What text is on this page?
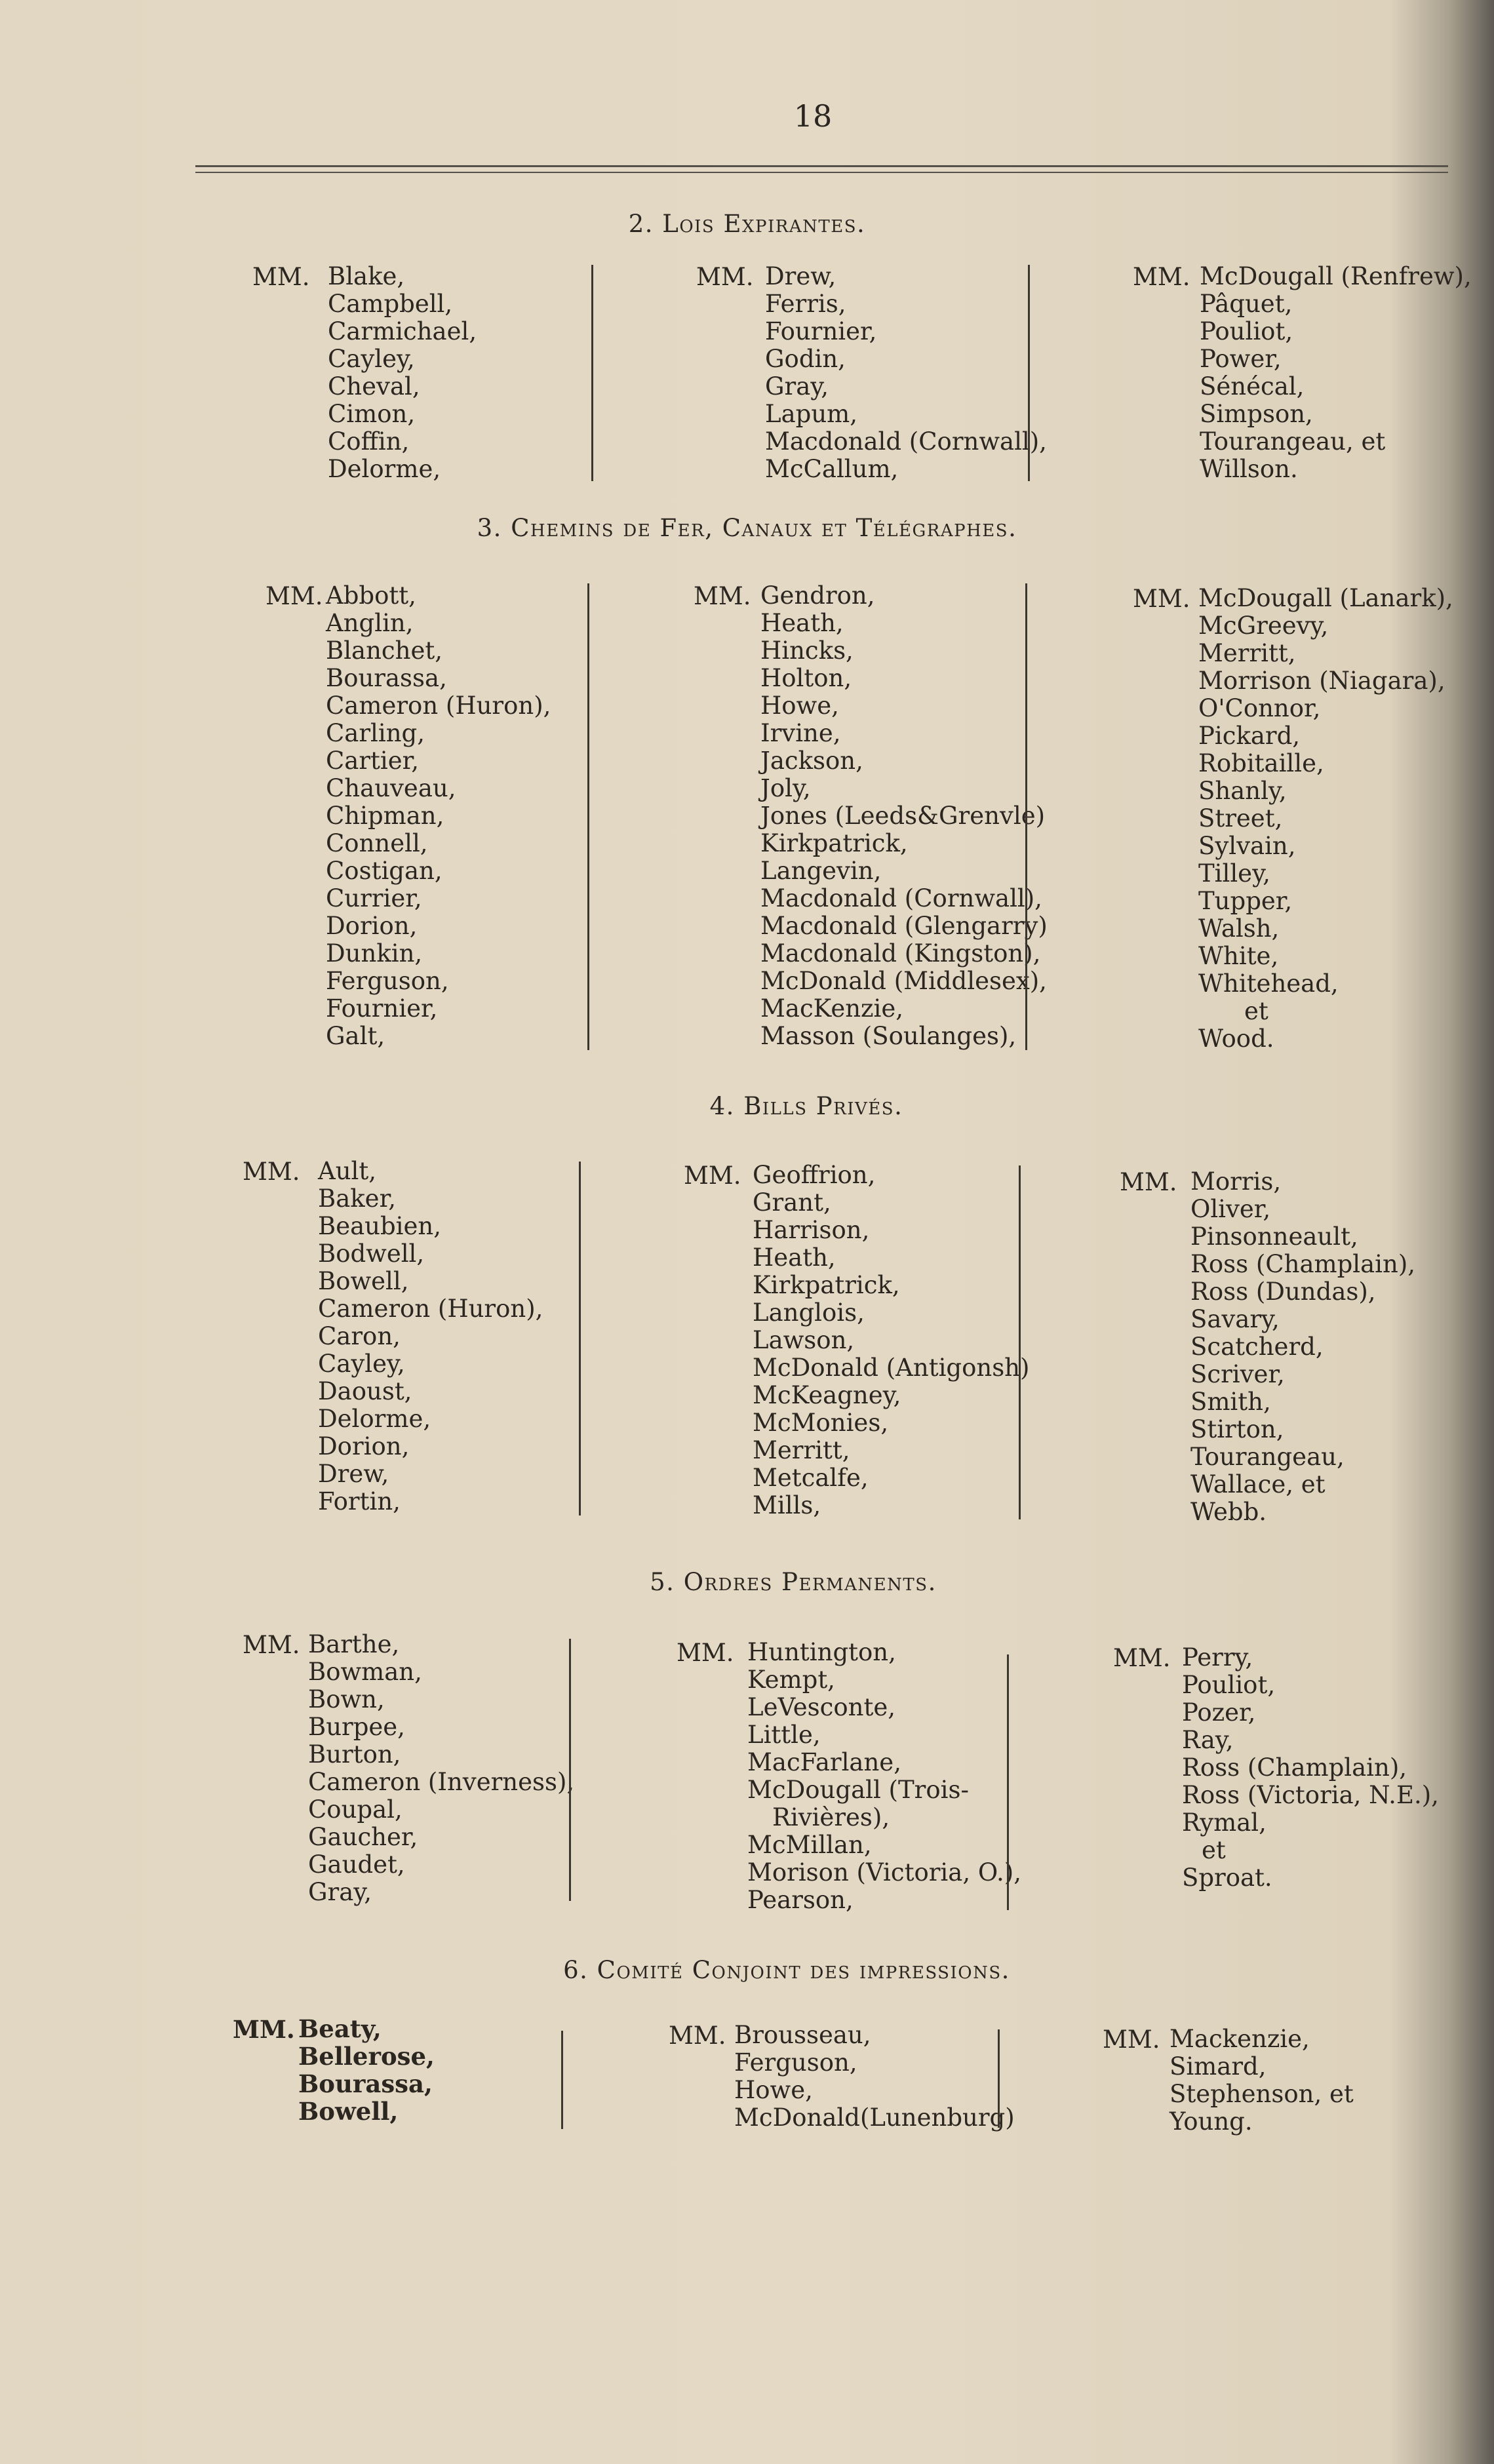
18
2. Lois Expirantes.
MM. Blake,
Campbell,
Carmichael,
Cayley,
Cheval,
Cimon,
Coffin,
Delorme,
MM. Drew,
Ferris,
Fournier,
Godin,
Gray,
Lapum,
Macdonald (Cornwall),
McCallum,
MM. McDougall (Renfrew),
Pâquet,
Pouliot,
Power,
Sénécal,
Simpson,
Tourangeau, et
Willson.
3. Chemins de Fer, Canaux et Télégraphes.
MM. Abbott,
Anglin,
Blanchet,
Bourassa,
Cameron (Huron),
Carling,
Cartier,
Chauveau,
Chipman,
Connell,
Costigan,
Currier,
Dorion,
Dunkin,
Ferguson,
Fournier,
Galt,
MM. Gendron,
Heath,
Hincks,
Holton,
Howe,
Irvine,
Jackson,
Joly,
Jones (Leeds&Grenvle)
Kirkpatrick,
Langevin,
Macdonald (Cornwall),
Macdonald (Glengarry)
Macdonald (Kingston),
McDonald (Middlesex),
MacKenzie,
Masson (Soulanges),
MM. McDougall (Lanark),
McGreevy,
Merritt,
Morrison (Niagara),
O'Connor,
Pickard,
Robitaille,
Shanly,
Street,
Sylvain,
Tilley,
Tupper,
Walsh,
White,
Whitehead,
et
Wood.
4. Bills Privés.
MM. Ault,
Baker,
Beaubien,
Bodwell,
Bowell,
Cameron (Huron),
Caron,
Cayley,
Daoust,
Delorme,
Dorion,
Drew,
Fortin,
MM. Geoffrion,
Grant,
Harrison,
Heath,
Kirkpatrick,
Langlois,
Lawson,
McDonald (Antigonsh)
McKeagney,
McMonies,
Merritt,
Metcalfe,
Mills,
MM. Morris,
Oliver,
Pinsonneault,
Ross (Champlain),
Ross (Dundas),
Savary,
Scatcherd,
Scriver,
Smith,
Stirton,
Tourangeau,
Wallace, et
Webb.
5. Ordres Permanents.
MM. Barthe,
Bowman,
Bown,
Burpee,
Burton,
Cameron (Inverness),
Coupal,
Gaucher,
Gaudet,
Gray,
MM. Huntington,
Kempt,
LeVesconte,
Little,
MacFarlane,
McDougall (Trois-
Rivières),
McMillan,
Morison (Victoria, O.),
Pearson,
MM. Perry,
Pouliot,
Pozer,
Ray,
Ross (Champlain),
Ross (Victoria, N.E.),
Rymal,
et
Sproat.
6. Comité Conjoint des impressions.
MM. Beaty,
Bellerose,
Bourassa,
Bowell,
MM. Brousseau,
Ferguson,
Howe,
McDonald(Lunenburg)
MM. Mackenzie,
Simard,
Stephenson, et
Young.
